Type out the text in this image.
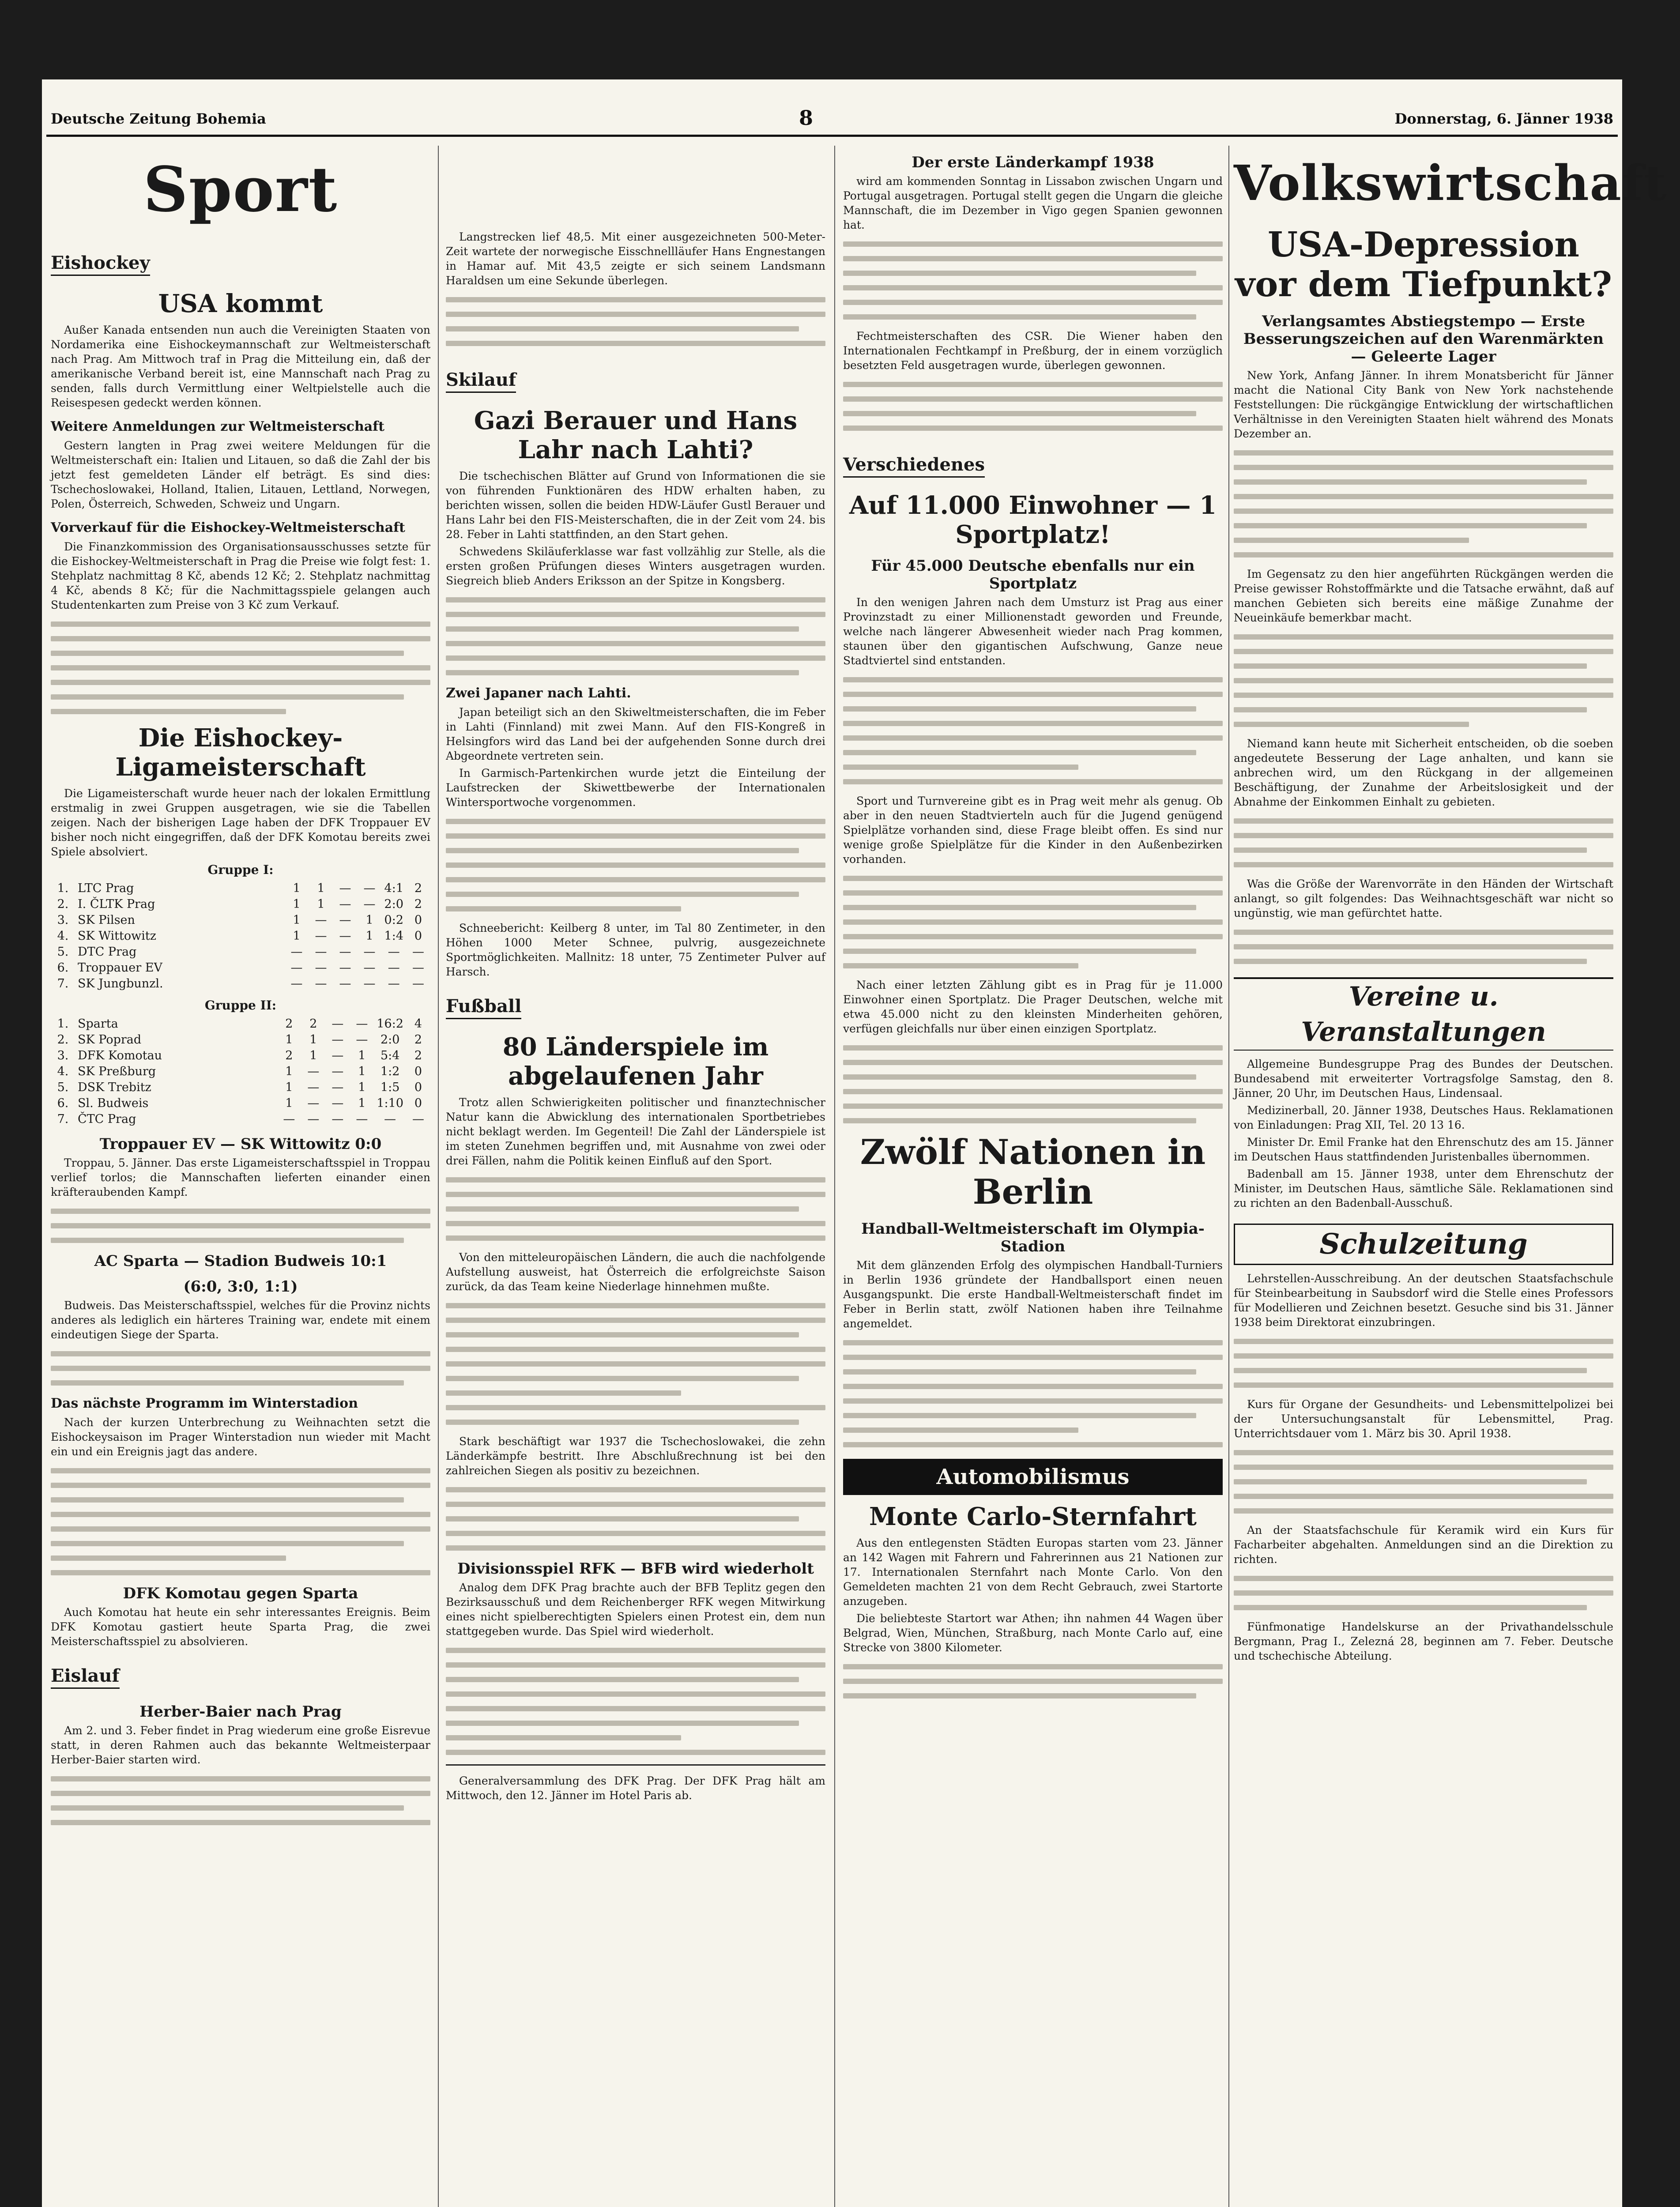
Deutsche Zeitung Bohemia	8	Donnerstag, 6. Jänner 1938
Sport
Eishockey
USA kommt
Außer Kanada entsenden nun auch die Vereinigten Staaten von Nordamerika eine Eishockeymannschaft zur Weltmeisterschaft nach Prag. Am Mittwoch traf in Prag die Mitteilung ein, daß der amerikanische Verband bereit ist, eine Mannschaft nach Prag zu senden, falls durch Vermittlung einer Weltpielstelle auch die Reisespesen gedeckt werden können.
Weitere Anmeldungen zur Weltmeisterschaft
Gestern langten in Prag zwei weitere Meldungen für die Weltmeisterschaft ein: Italien und Litauen, so daß die Zahl der bis jetzt fest gemeldeten Länder elf beträgt. Es sind dies: Tschechoslowakei, Holland, Italien, Litauen, Lettland, Norwegen, Polen, Österreich, Schweden, Schweiz und Ungarn.
Vorverkauf für die Eishockey-Weltmeisterschaft
Die Finanzkommission des Organisationsausschusses setzte für die Eishockey-Weltmeisterschaft in Prag die Preise wie folgt fest: 1. Stehplatz nachmittag 8 Kč, abends 12 Kč; 2. Stehplatz nachmittag 4 Kč, abends 8 Kč; für die Nachmittagsspiele gelangen auch Studentenkarten zum Preise von 3 Kč zum Verkauf.
Die Eishockey-Ligameisterschaft
Die Ligameisterschaft wurde heuer nach der lokalen Ermittlung erstmalig in zwei Gruppen ausgetragen, wie sie die Tabellen zeigen. Nach der bisherigen Lage haben der DFK Troppauer EV bisher noch nicht eingegriffen, daß der DFK Komotau bereits zwei Spiele absolviert.
Gruppe I:
1.	LTC Prag	1	1	—	—	4:1	2
2.	I. ČLTK Prag	1	1	—	—	2:0	2
3.	SK Pilsen	1	—	—	1	0:2	0
4.	SK Wittowitz	1	—	—	1	1:4	0
5.	DTC Prag	—	—	—	—	—	—
6.	Troppauer EV	—	—	—	—	—	—
7.	SK Jungbunzl.	—	—	—	—	—	—
Gruppe II:
1.	Sparta	2	2	—	—	16:2	4
2.	SK Poprad	1	1	—	—	2:0	2
3.	DFK Komotau	2	1	—	1	5:4	2
4.	SK Preßburg	1	—	—	1	1:2	0
5.	DSK Trebitz	1	—	—	1	1:5	0
6.	Sl. Budweis	1	—	—	1	1:10	0
7.	ČTC Prag	—	—	—	—	—	—
Troppauer EV — SK Wittowitz 0:0
Troppau, 5. Jänner. Das erste Ligameisterschaftsspiel in Troppau verlief torlos; die Mannschaften lieferten einander einen kräfteraubenden Kampf.
AC Sparta — Stadion Budweis 10:1
(6:0, 3:0, 1:1)
Budweis. Das Meisterschaftsspiel, welches für die Provinz nichts anderes als lediglich ein härteres Training war, endete mit einem eindeutigen Siege der Sparta.
Das nächste Programm im Winterstadion
Nach der kurzen Unterbrechung zu Weihnachten setzt die Eishockeysaison im Prager Winterstadion nun wieder mit Macht ein und ein Ereignis jagt das andere.
DFK Komotau gegen Sparta
Auch Komotau hat heute ein sehr interessantes Ereignis. Beim DFK Komotau gastiert heute Sparta Prag, die zwei Meisterschaftsspiel zu absolvieren.
Eislauf
Herber-Baier nach Prag
Am 2. und 3. Feber findet in Prag wiederum eine große Eisrevue statt, in deren Rahmen auch das bekannte Weltmeisterpaar Herber-Baier starten wird.
Langstrecken lief 48,5. Mit einer ausgezeichneten 500-Meter-Zeit wartete der norwegische Eisschnellläufer Hans Engnestangen in Hamar auf. Mit 43,5 zeigte er sich seinem Landsmann Haraldsen um eine Sekunde überlegen.
Skilauf
Gazi Berauer und Hans Lahr nach Lahti?
Die tschechischen Blätter auf Grund von Informationen die sie von führenden Funktionären des HDW erhalten haben, zu berichten wissen, sollen die beiden HDW-Läufer Gustl Berauer und Hans Lahr bei den FIS-Meisterschaften, die in der Zeit vom 24. bis 28. Feber in Lahti stattfinden, an den Start gehen.
Schwedens Skiläuferklasse war fast vollzählig zur Stelle, als die ersten großen Prüfungen dieses Winters ausgetragen wurden. Siegreich blieb Anders Eriksson an der Spitze in Kongsberg.
Zwei Japaner nach Lahti.
Japan beteiligt sich an den Skiweltmeisterschaften, die im Feber in Lahti (Finnland) mit zwei Mann. Auf den FIS-Kongreß in Helsingfors wird das Land bei der aufgehenden Sonne durch drei Abgeordnete vertreten sein.
In Garmisch-Partenkirchen wurde jetzt die Einteilung der Laufstrecken der Skiwettbewerbe der Internationalen Wintersportwoche vorgenommen.
Schneebericht: Keilberg 8 unter, im Tal 80 Zentimeter, in den Höhen 1000 Meter Schnee, pulvrig, ausgezeichnete Sportmöglichkeiten. Mallnitz: 18 unter, 75 Zentimeter Pulver auf Harsch.
Fußball
80 Länderspiele im abgelaufenen Jahr
Trotz allen Schwierigkeiten politischer und finanztechnischer Natur kann die Abwicklung des internationalen Sportbetriebes nicht beklagt werden. Im Gegenteil! Die Zahl der Länderspiele ist im steten Zunehmen begriffen und, mit Ausnahme von zwei oder drei Fällen, nahm die Politik keinen Einfluß auf den Sport.
Von den mitteleuropäischen Ländern, die auch die nachfolgende Aufstellung ausweist, hat Österreich die erfolgreichste Saison zurück, da das Team keine Niederlage hinnehmen mußte.
Stark beschäftigt war 1937 die Tschechoslowakei, die zehn Länderkämpfe bestritt. Ihre Abschlußrechnung ist bei den zahlreichen Siegen als positiv zu bezeichnen.
Divisionsspiel RFK — BFB wird wiederholt
Analog dem DFK Prag brachte auch der BFB Teplitz gegen den Bezirksausschuß und dem Reichenberger RFK wegen Mitwirkung eines nicht spielberechtigten Spielers einen Protest ein, dem nun stattgegeben wurde. Das Spiel wird wiederholt.
Generalversammlung des DFK Prag. Der DFK Prag hält am Mittwoch, den 12. Jänner im Hotel Paris ab.
Der erste Länderkampf 1938
wird am kommenden Sonntag in Lissabon zwischen Ungarn und Portugal ausgetragen. Portugal stellt gegen die Ungarn die gleiche Mannschaft, die im Dezember in Vigo gegen Spanien gewonnen hat.
Fechtmeisterschaften des CSR. Die Wiener haben den Internationalen Fechtkampf in Preßburg, der in einem vorzüglich besetzten Feld ausgetragen wurde, überlegen gewonnen.
Verschiedenes
Auf 11.000 Einwohner — 1 Sportplatz!
Für 45.000 Deutsche ebenfalls nur ein Sportplatz
In den wenigen Jahren nach dem Umsturz ist Prag aus einer Provinzstadt zu einer Millionenstadt geworden und Freunde, welche nach längerer Abwesenheit wieder nach Prag kommen, staunen über den gigantischen Aufschwung, Ganze neue Stadtviertel sind entstanden.
Sport und Turnvereine gibt es in Prag weit mehr als genug. Ob aber in den neuen Stadtvierteln auch für die Jugend genügend Spielplätze vorhanden sind, diese Frage bleibt offen. Es sind nur wenige große Spielplätze für die Kinder in den Außenbezirken vorhanden.
Nach einer letzten Zählung gibt es in Prag für je 11.000 Einwohner einen Sportplatz. Die Prager Deutschen, welche mit etwa 45.000 nicht zu den kleinsten Minderheiten gehören, verfügen gleichfalls nur über einen einzigen Sportplatz.
Zwölf Nationen in Berlin
Handball-Weltmeisterschaft im Olympia-Stadion
Mit dem glänzenden Erfolg des olympischen Handball-Turniers in Berlin 1936 gründete der Handballsport einen neuen Ausgangspunkt. Die erste Handball-Weltmeisterschaft findet im Feber in Berlin statt, zwölf Nationen haben ihre Teilnahme angemeldet.
Automobilismus
Monte Carlo-Sternfahrt
Aus den entlegensten Städten Europas starten vom 23. Jänner an 142 Wagen mit Fahrern und Fahrerinnen aus 21 Nationen zur 17. Internationalen Sternfahrt nach Monte Carlo. Von den Gemeldeten machten 21 von dem Recht Gebrauch, zwei Startorte anzugeben.
Die beliebteste Startort war Athen; ihn nahmen 44 Wagen über Belgrad, Wien, München, Straßburg, nach Monte Carlo auf, eine Strecke von 3800 Kilometer.
Volkswirtschaft
USA-Depression vor dem Tiefpunkt?
Verlangsamtes Abstiegstempo — Erste Besserungszeichen auf den Warenmärkten — Geleerte Lager
New York, Anfang Jänner. In ihrem Monatsbericht für Jänner macht die National City Bank von New York nachstehende Feststellungen: Die rückgängige Entwicklung der wirtschaftlichen Verhältnisse in den Vereinigten Staaten hielt während des Monats Dezember an.
Im Gegensatz zu den hier angeführten Rückgängen werden die Preise gewisser Rohstoffmärkte und die Tatsache erwähnt, daß auf manchen Gebieten sich bereits eine mäßige Zunahme der Neueinkäufe bemerkbar macht.
Niemand kann heute mit Sicherheit entscheiden, ob die soeben angedeutete Besserung der Lage anhalten, und kann sie anbrechen wird, um den Rückgang in der allgemeinen Beschäftigung, der Zunahme der Arbeitslosigkeit und der Abnahme der Einkommen Einhalt zu gebieten.
Was die Größe der Warenvorräte in den Händen der Wirtschaft anlangt, so gilt folgendes: Das Weihnachtsgeschäft war nicht so ungünstig, wie man gefürchtet hatte.
Vereine u. Veranstaltungen
Allgemeine Bundesgruppe Prag des Bundes der Deutschen. Bundesabend mit erweiterter Vortragsfolge Samstag, den 8. Jänner, 20 Uhr, im Deutschen Haus, Lindensaal.
Medizinerball, 20. Jänner 1938, Deutsches Haus. Reklamationen von Einladungen: Prag XII, Tel. 20 13 16.
Minister Dr. Emil Franke hat den Ehrenschutz des am 15. Jänner im Deutschen Haus stattfindenden Juristenballes übernommen.
Badenball am 15. Jänner 1938, unter dem Ehrenschutz der Minister, im Deutschen Haus, sämtliche Säle. Reklamationen sind zu richten an den Badenball-Ausschuß.
Schulzeitung
Lehrstellen-Ausschreibung. An der deutschen Staatsfachschule für Steinbearbeitung in Saubsdorf wird die Stelle eines Professors für Modellieren und Zeichnen besetzt. Gesuche sind bis 31. Jänner 1938 beim Direktorat einzubringen.
Kurs für Organe der Gesundheits- und Lebensmittelpolizei bei der Untersuchungsanstalt für Lebensmittel, Prag. Unterrichtsdauer vom 1. März bis 30. April 1938.
An der Staatsfachschule für Keramik wird ein Kurs für Facharbeiter abgehalten. Anmeldungen sind an die Direktion zu richten.
Fünfmonatige Handelskurse an der Privathandelsschule Bergmann, Prag I., Zelezná 28, beginnen am 7. Feber. Deutsche und tschechische Abteilung.
